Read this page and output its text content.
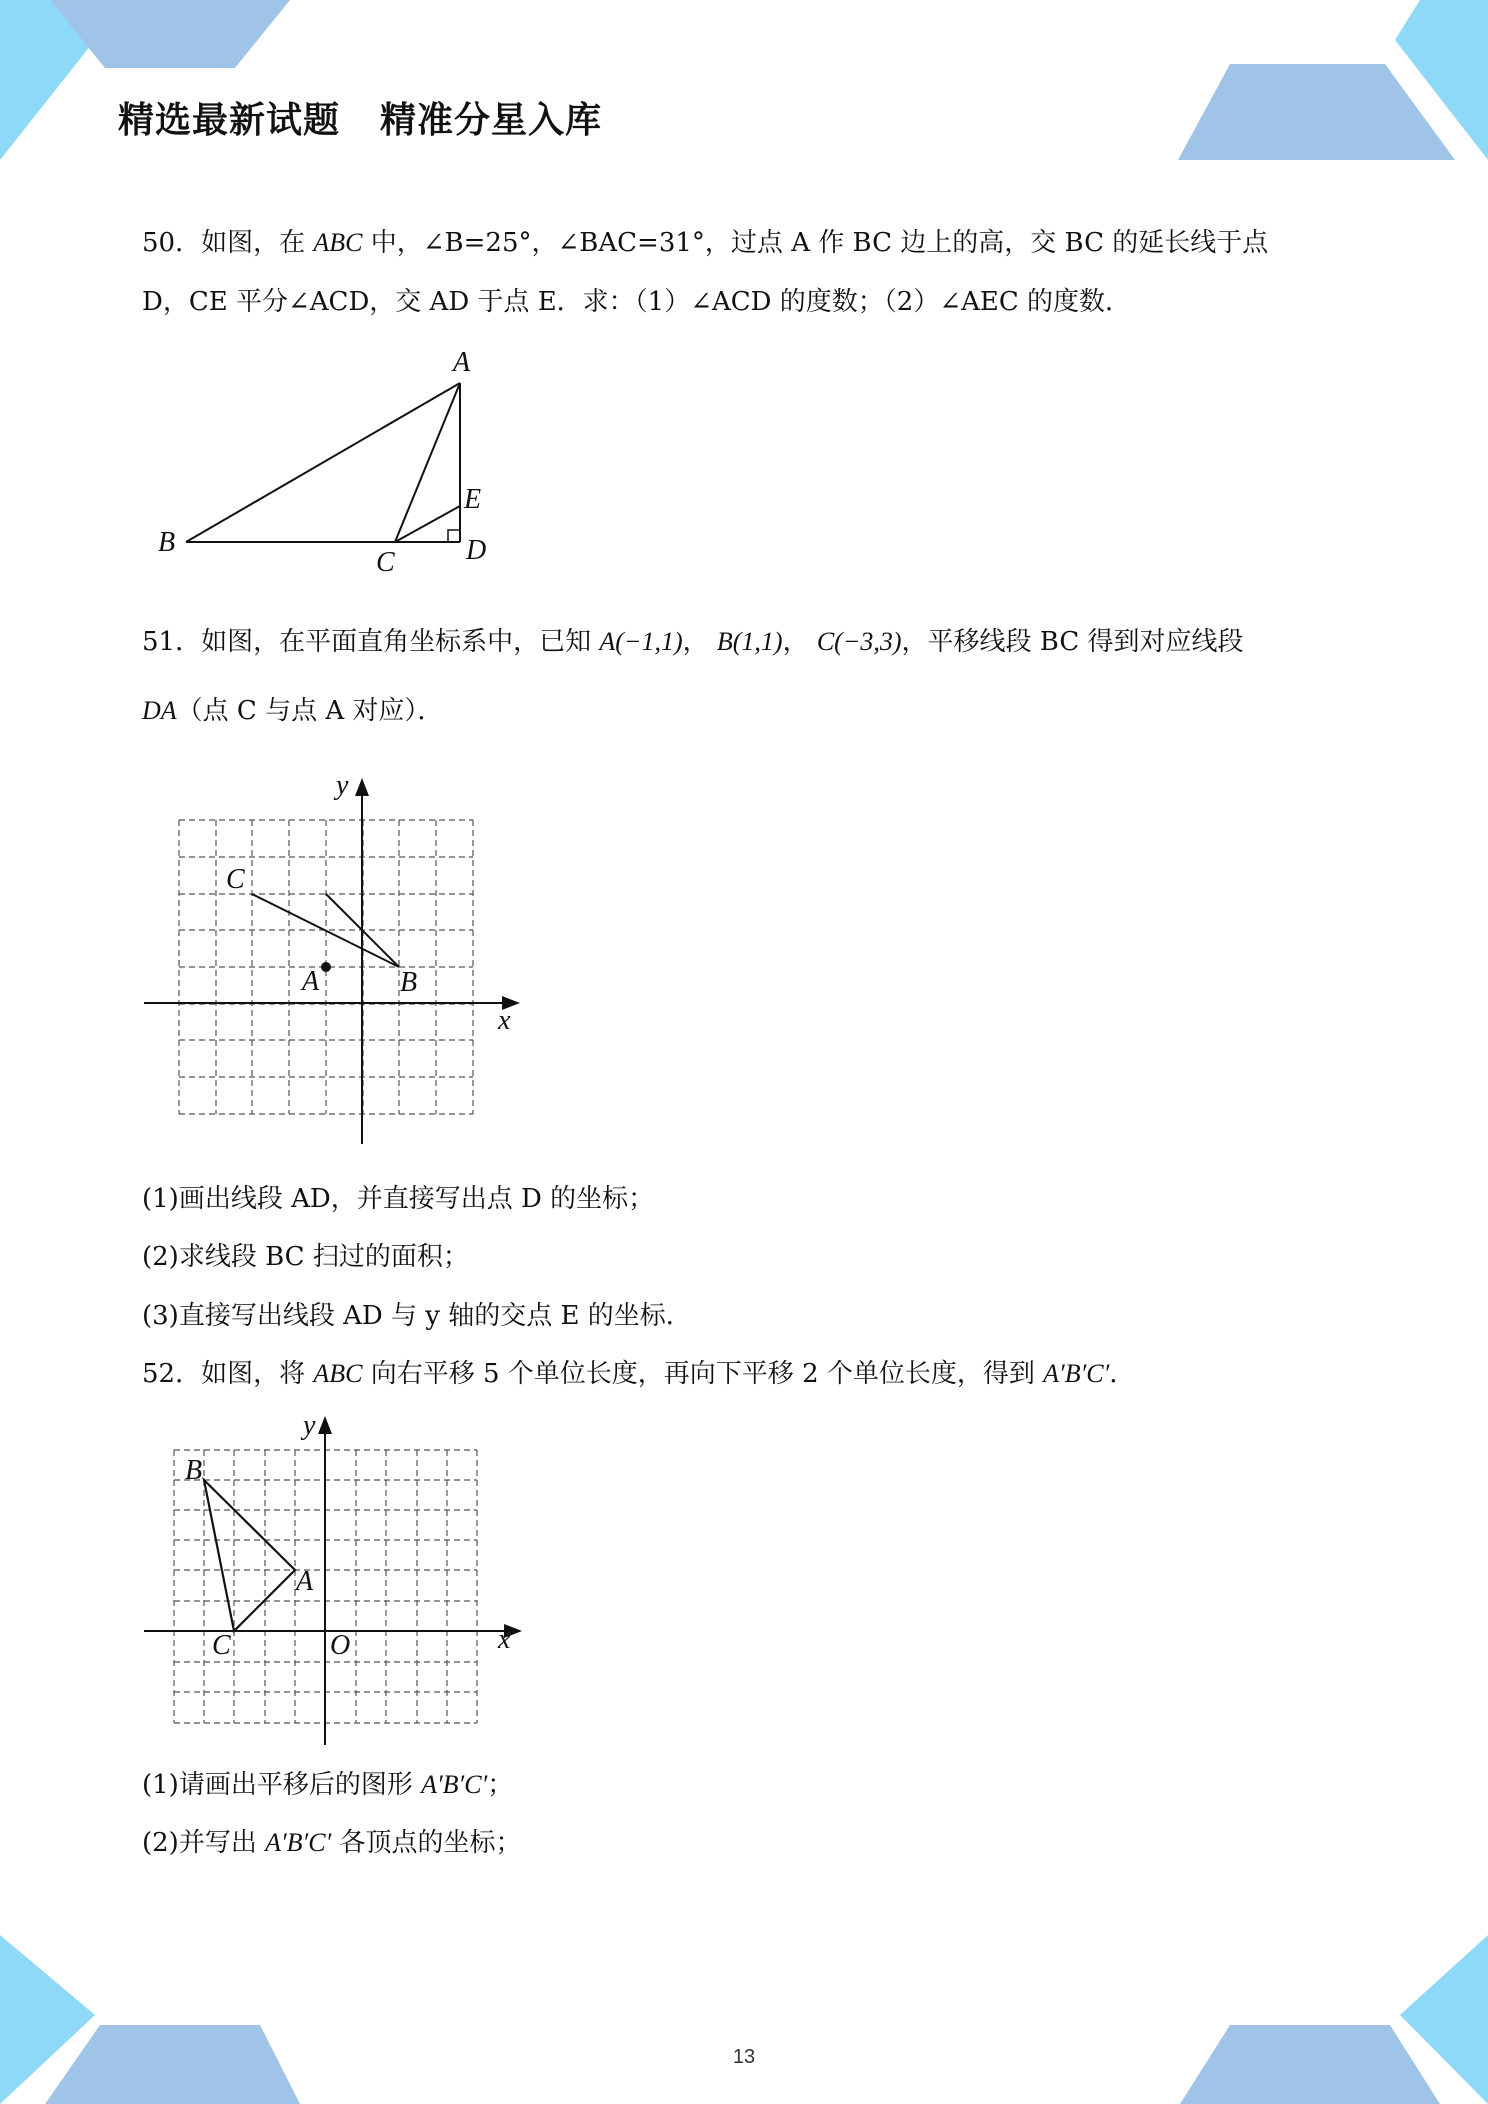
精选最新试题 精准分星入库
50．如图，在 ABC 中，∠B=25°，∠BAC=31°，过点 A 作 BC 边上的高，交 BC 的延长线于点
D，CE 平分∠ACD，交 AD 于点 E．求：（1）∠ACD 的度数；（2）∠AEC 的度数．
A
B
C	D
E
51．如图，在平面直角坐标系中，已知 A(−1,1)， B(1,1)， C(−3,3)，平移线段 BC 得到对应线段
DA（点 C 与点 A 对应）．
y
x
C
A	B
(1)画出线段 AD，并直接写出点 D 的坐标；
(2)求线段 BC 扫过的面积；
(3)直接写出线段 AD 与 y 轴的交点 E 的坐标．
52．如图，将 ABC 向右平移 5 个单位长度，再向下平移 2 个单位长度，得到 A′B′C′．
y
x
B
A
C	O
(1)请画出平移后的图形 A′B′C′；
(2)并写出 A′B′C′ 各顶点的坐标；
13
